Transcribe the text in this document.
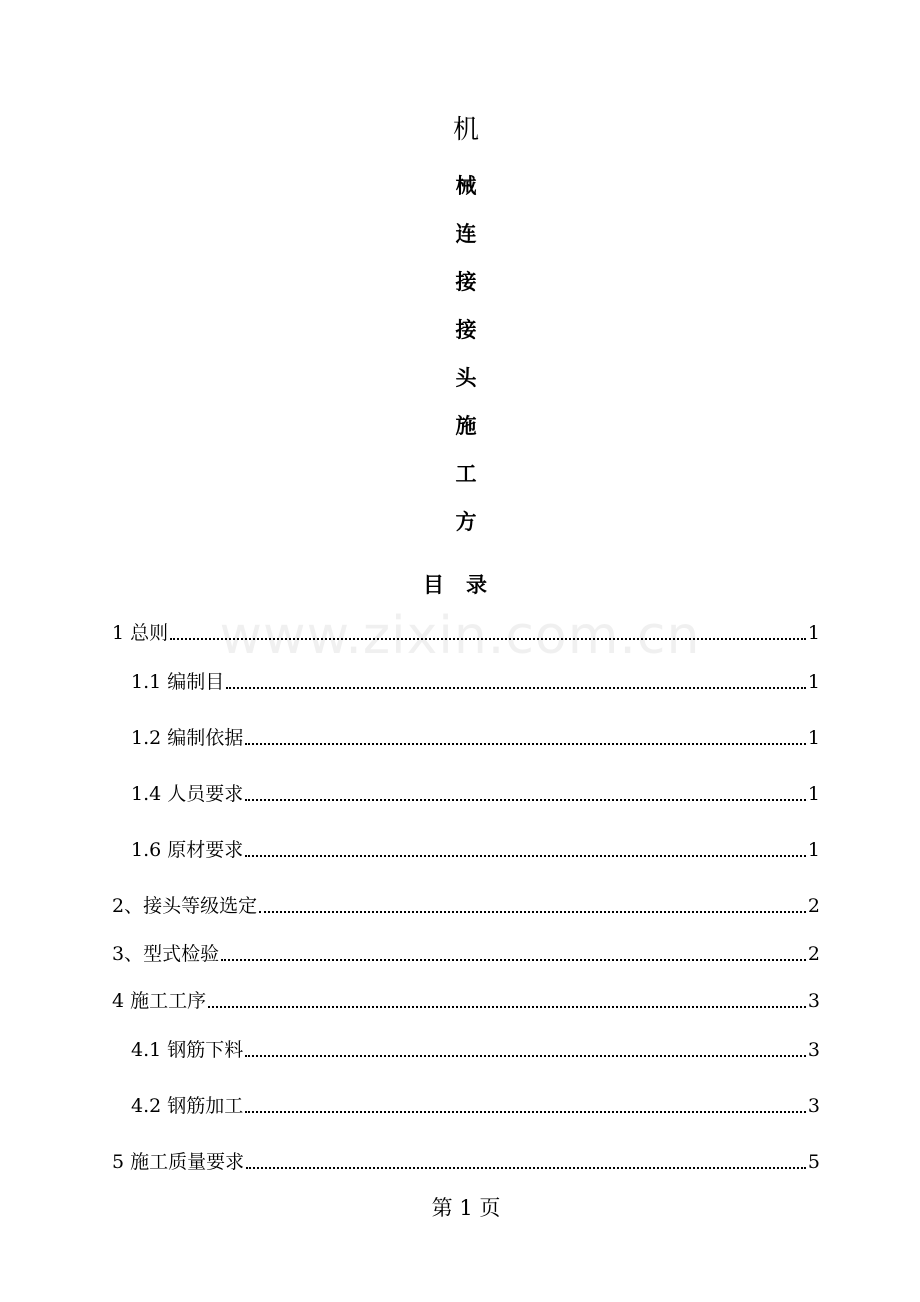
www.zixin.com.cn
机
械
连
接
接
头
施
工
方
目录
1 总则	1
1.1 编制目	1
1.2 编制依据	1
1.4 人员要求	1
1.6 原材要求	1
2、接头等级选定	2
3、型式检验	2
4 施工工序	3
4.1 钢筋下料	3
4.2 钢筋加工	3
5 施工质量要求	5
第 1 页
